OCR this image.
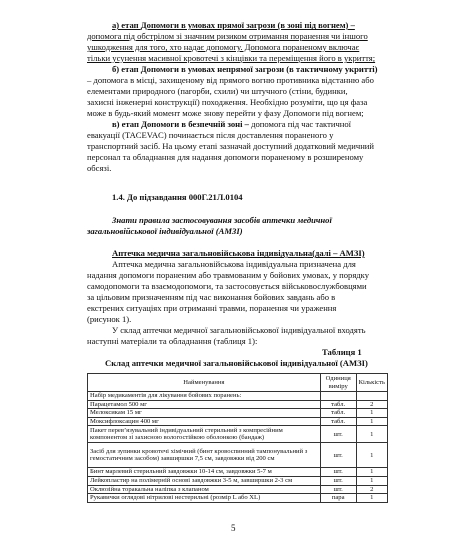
а) етап Допомоги в умовах прямої загрози (в зоні під вогнем) –
допомога під обстрілом зі значним ризиком отримання поранення чи іншого
ушкодження для того, хто надає допомогу. Допомога пораненому включає
тільки усунення масивної кровотечі з кінцівки та переміщення його в укриття;
б) етап Допомоги в умовах непрямої загрози (в тактичному укритті)
– допомога в місці, захищеному від прямого вогню противника відстанню або
елементами природного (пагорби, схили) чи штучного (стіни, будинки,
захисні інженерні конструкції) походження. Необхідно розуміти, що ця фаза
може в будь-який момент може знову перейти у фазу Допомоги під вогнем;
в) етап Допомоги в безпечній зоні – допомога під час тактичної
евакуації (TACEVAC) починається після доставлення пораненого у
транспортний засіб. На цьому етапі зазначай доступний додатковий медичний
персонал та обладнання для надання допомоги пораненому в розширеному
обсязі.
1.4. До підзавдання 000Г.21Л.0104
Знати правила застосовування засобів аптечки медичної
загальновійськової індивідуальної (АМЗІ)
Аптечка медична загальновійськова індивідуальна(далі – АМЗІ)
Аптечка медична загальновійськова індивідуальна призначена для
надання допомоги пораненим або травмованим у бойових умовах, у порядку
самодопомоги та взаємодопомоги, та застосовується військовослужбовцями
за цільовим призначенням під час виконання бойових завдань або в
екстрених ситуаціях при отриманні травми, поранення чи ураження
(рисунок 1).
У склад аптечки медичної загальновійськової індивідуальної входять
наступні матеріали та обладнання (таблиця 1):
Таблиця 1
Склад аптечки медичної загальновійськової індивідуальної (АМЗІ)
Найменування	Одиниця виміру	Кількість
Набір медикаментів для лікування бойових поранень:		
Парацетамол 500 мг	табл.	2
Мелоксикам 15 мг	табл.	1
Моксифлоксацин 400 мг	табл.	1
Пакет перев’язувальний індивідуальний стерильний з компресійним компонентом зі захисною вологостійкою оболонкою (бандаж)	шт.	1
Засіб для зупинки кровотечі хімічний (бинт кровоспинний тампонувальний з гемостатичним засобом) завширшки 7,5 см, завдовжки від 200 см	шт.	1
Бинт марлевий стерильний завдовжки 10-14 см, завдовжки 5-7 м	шт.	1
Лейкопластир на полімерній основі завдовжки 3-5 м, завширшки 2-3 см	шт.	1
Оклюзійна торакальна наліпка з клапаном	шт.	2
Рукавички оглядові нітрилові нестерильні (розмір L або XL)	пара	1
5
